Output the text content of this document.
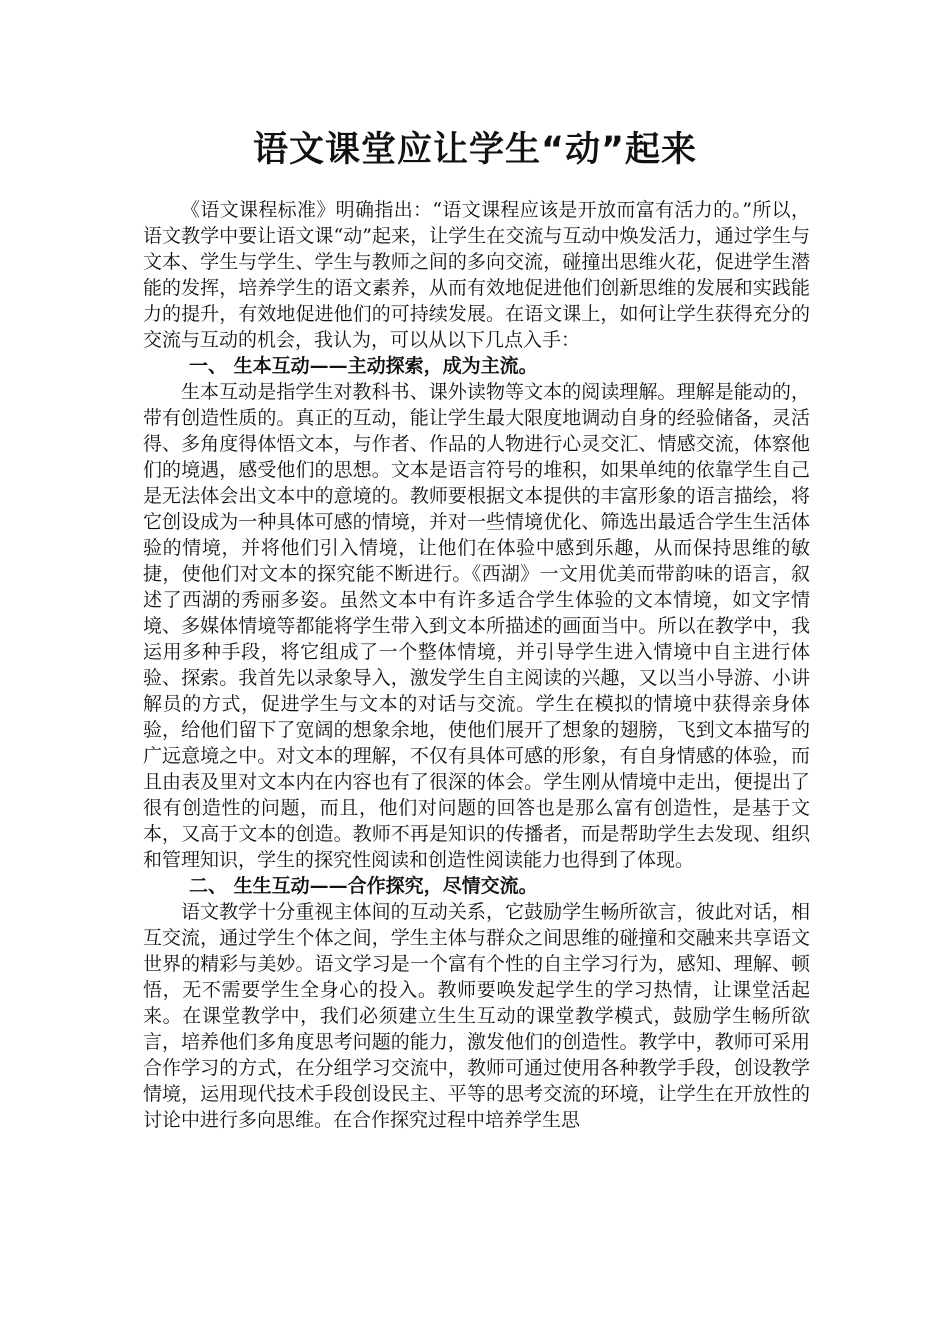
语文课堂应让学生“动”起来

《语文课程标准》明确指出：“语文课程应该是开放而富有活力的。”所以，语文教学中要让语文课“动”起来，让学生在交流与互动中焕发活力，通过学生与文本、学生与学生、学生与教师之间的多向交流，碰撞出思维火花，促进学生潜能的发挥，培养学生的语文素养，从而有效地促进他们创新思维的发展和实践能力的提升，有效地促进他们的可持续发展。在语文课上，如何让学生获得充分的交流与互动的机会，我认为，可以从以下几点入手：

一、 生本互动——主动探索，成为主流。

生本互动是指学生对教科书、课外读物等文本的阅读理解。理解是能动的，带有创造性质的。真正的互动，能让学生最大限度地调动自身的经验储备，灵活得、多角度得体悟文本，与作者、作品的人物进行心灵交汇、情感交流，体察他们的境遇，感受他们的思想。文本是语言符号的堆积，如果单纯的依靠学生自己是无法体会出文本中的意境的。教师要根据文本提供的丰富形象的语言描绘，将它创设成为一种具体可感的情境，并对一些情境优化、筛选出最适合学生生活体验的情境，并将他们引入情境，让他们在体验中感到乐趣，从而保持思维的敏捷，使他们对文本的探究能不断进行。《西湖》一文用优美而带韵味的语言，叙述了西湖的秀丽多姿。虽然文本中有许多适合学生体验的文本情境，如文字情境、多媒体情境等都能将学生带入到文本所描述的画面当中。所以在教学中，我运用多种手段，将它组成了一个整体情境，并引导学生进入情境中自主进行体验、探索。我首先以录象导入，激发学生自主阅读的兴趣，又以当小导游、小讲解员的方式，促进学生与文本的对话与交流。学生在模拟的情境中获得亲身体验，给他们留下了宽阔的想象余地，使他们展开了想象的翅膀，飞到文本描写的广远意境之中。对文本的理解，不仅有具体可感的形象，有自身情感的体验，而且由表及里对文本内在内容也有了很深的体会。学生刚从情境中走出，便提出了很有创造性的问题，而且，他们对问题的回答也是那么富有创造性，是基于文本，又高于文本的创造。教师不再是知识的传播者，而是帮助学生去发现、组织和管理知识，学生的探究性阅读和创造性阅读能力也得到了体现。

二、 生生互动——合作探究，尽情交流。

语文教学十分重视主体间的互动关系，它鼓励学生畅所欲言，彼此对话，相互交流，通过学生个体之间，学生主体与群众之间思维的碰撞和交融来共享语文世界的精彩与美妙。语文学习是一个富有个性的自主学习行为，感知、理解、顿悟，无不需要学生全身心的投入。教师要唤发起学生的学习热情，让课堂活起来。在课堂教学中，我们必须建立生生互动的课堂教学模式，鼓励学生畅所欲言，培养他们多角度思考问题的能力，激发他们的创造性。教学中，教师可采用合作学习的方式，在分组学习交流中，教师可通过使用各种教学手段，创设教学情境，运用现代技术手段创设民主、平等的思考交流的环境，让学生在开放性的讨论中进行多向思维。在合作探究过程中培养学生思
